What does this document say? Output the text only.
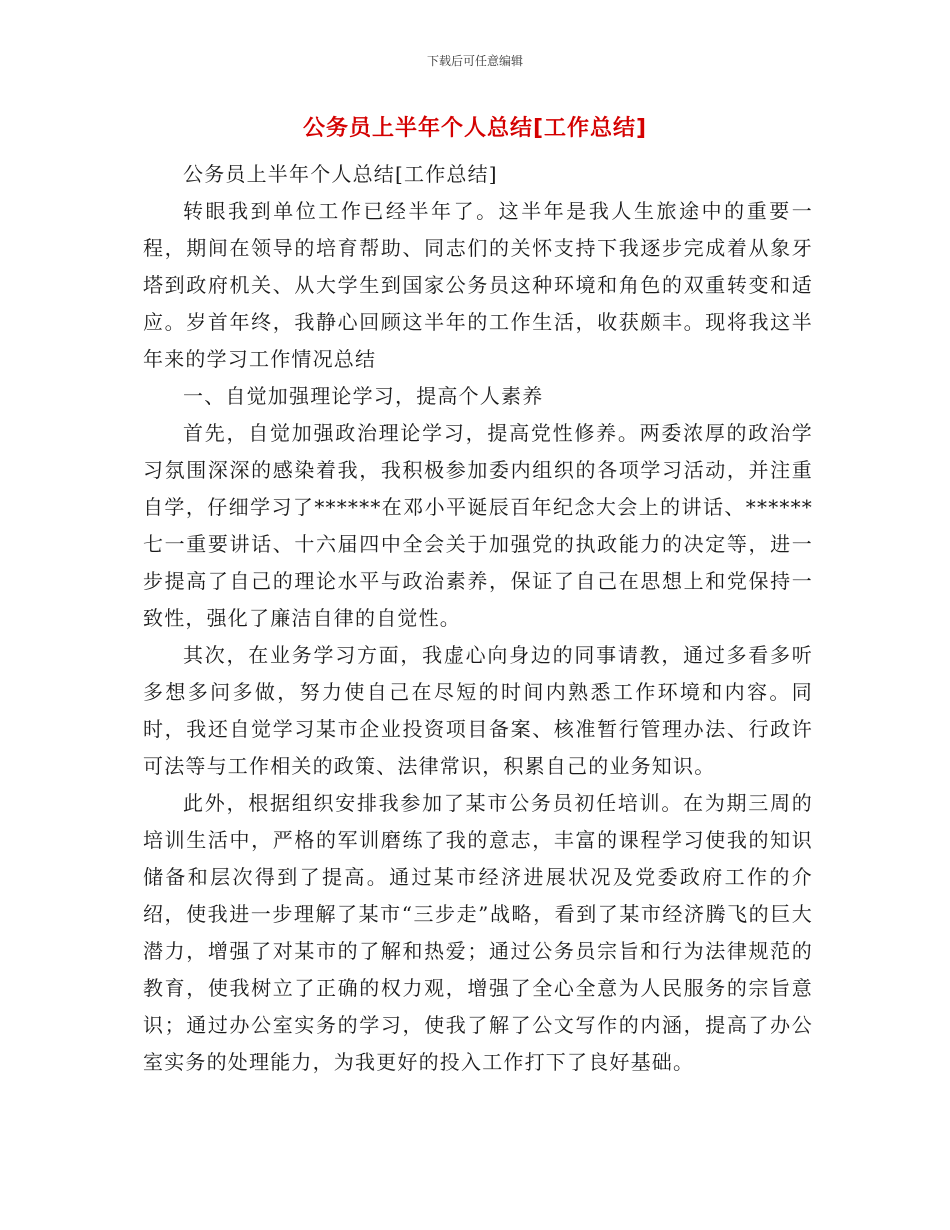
下载后可任意编辑
公务员上半年个人总结[工作总结]

公务员上半年个人总结[工作总结]

转眼我到单位工作已经半年了。这半年是我人生旅途中的重要一程，期间在领导的培育帮助、同志们的关怀支持下我逐步完成着从象牙塔到政府机关、从大学生到国家公务员这种环境和角色的双重转变和适应。岁首年终，我静心回顾这半年的工作生活，收获颇丰。现将我这半年来的学习工作情况总结

一、自觉加强理论学习，提高个人素养

首先，自觉加强政治理论学习，提高党性修养。两委浓厚的政治学习氛围深深的感染着我，我积极参加委内组织的各项学习活动，并注重自学，仔细学习了******在邓小平诞辰百年纪念大会上的讲话、******七一重要讲话、十六届四中全会关于加强党的执政能力的决定等，进一步提高了自己的理论水平与政治素养，保证了自己在思想上和党保持一致性，强化了廉洁自律的自觉性。

其次，在业务学习方面，我虚心向身边的同事请教，通过多看多听多想多问多做，努力使自己在尽短的时间内熟悉工作环境和内容。同时，我还自觉学习某市企业投资项目备案、核准暂行管理办法、行政许可法等与工作相关的政策、法律常识，积累自己的业务知识。

此外，根据组织安排我参加了某市公务员初任培训。在为期三周的培训生活中，严格的军训磨练了我的意志，丰富的课程学习使我的知识储备和层次得到了提高。通过某市经济进展状况及党委政府工作的介绍，使我进一步理解了某市“三步走”战略，看到了某市经济腾飞的巨大潜力，增强了对某市的了解和热爱；通过公务员宗旨和行为法律规范的教育，使我树立了正确的权力观，增强了全心全意为人民服务的宗旨意识；通过办公室实务的学习，使我了解了公文写作的内涵，提高了办公室实务的处理能力，为我更好的投入工作打下了良好基础。
